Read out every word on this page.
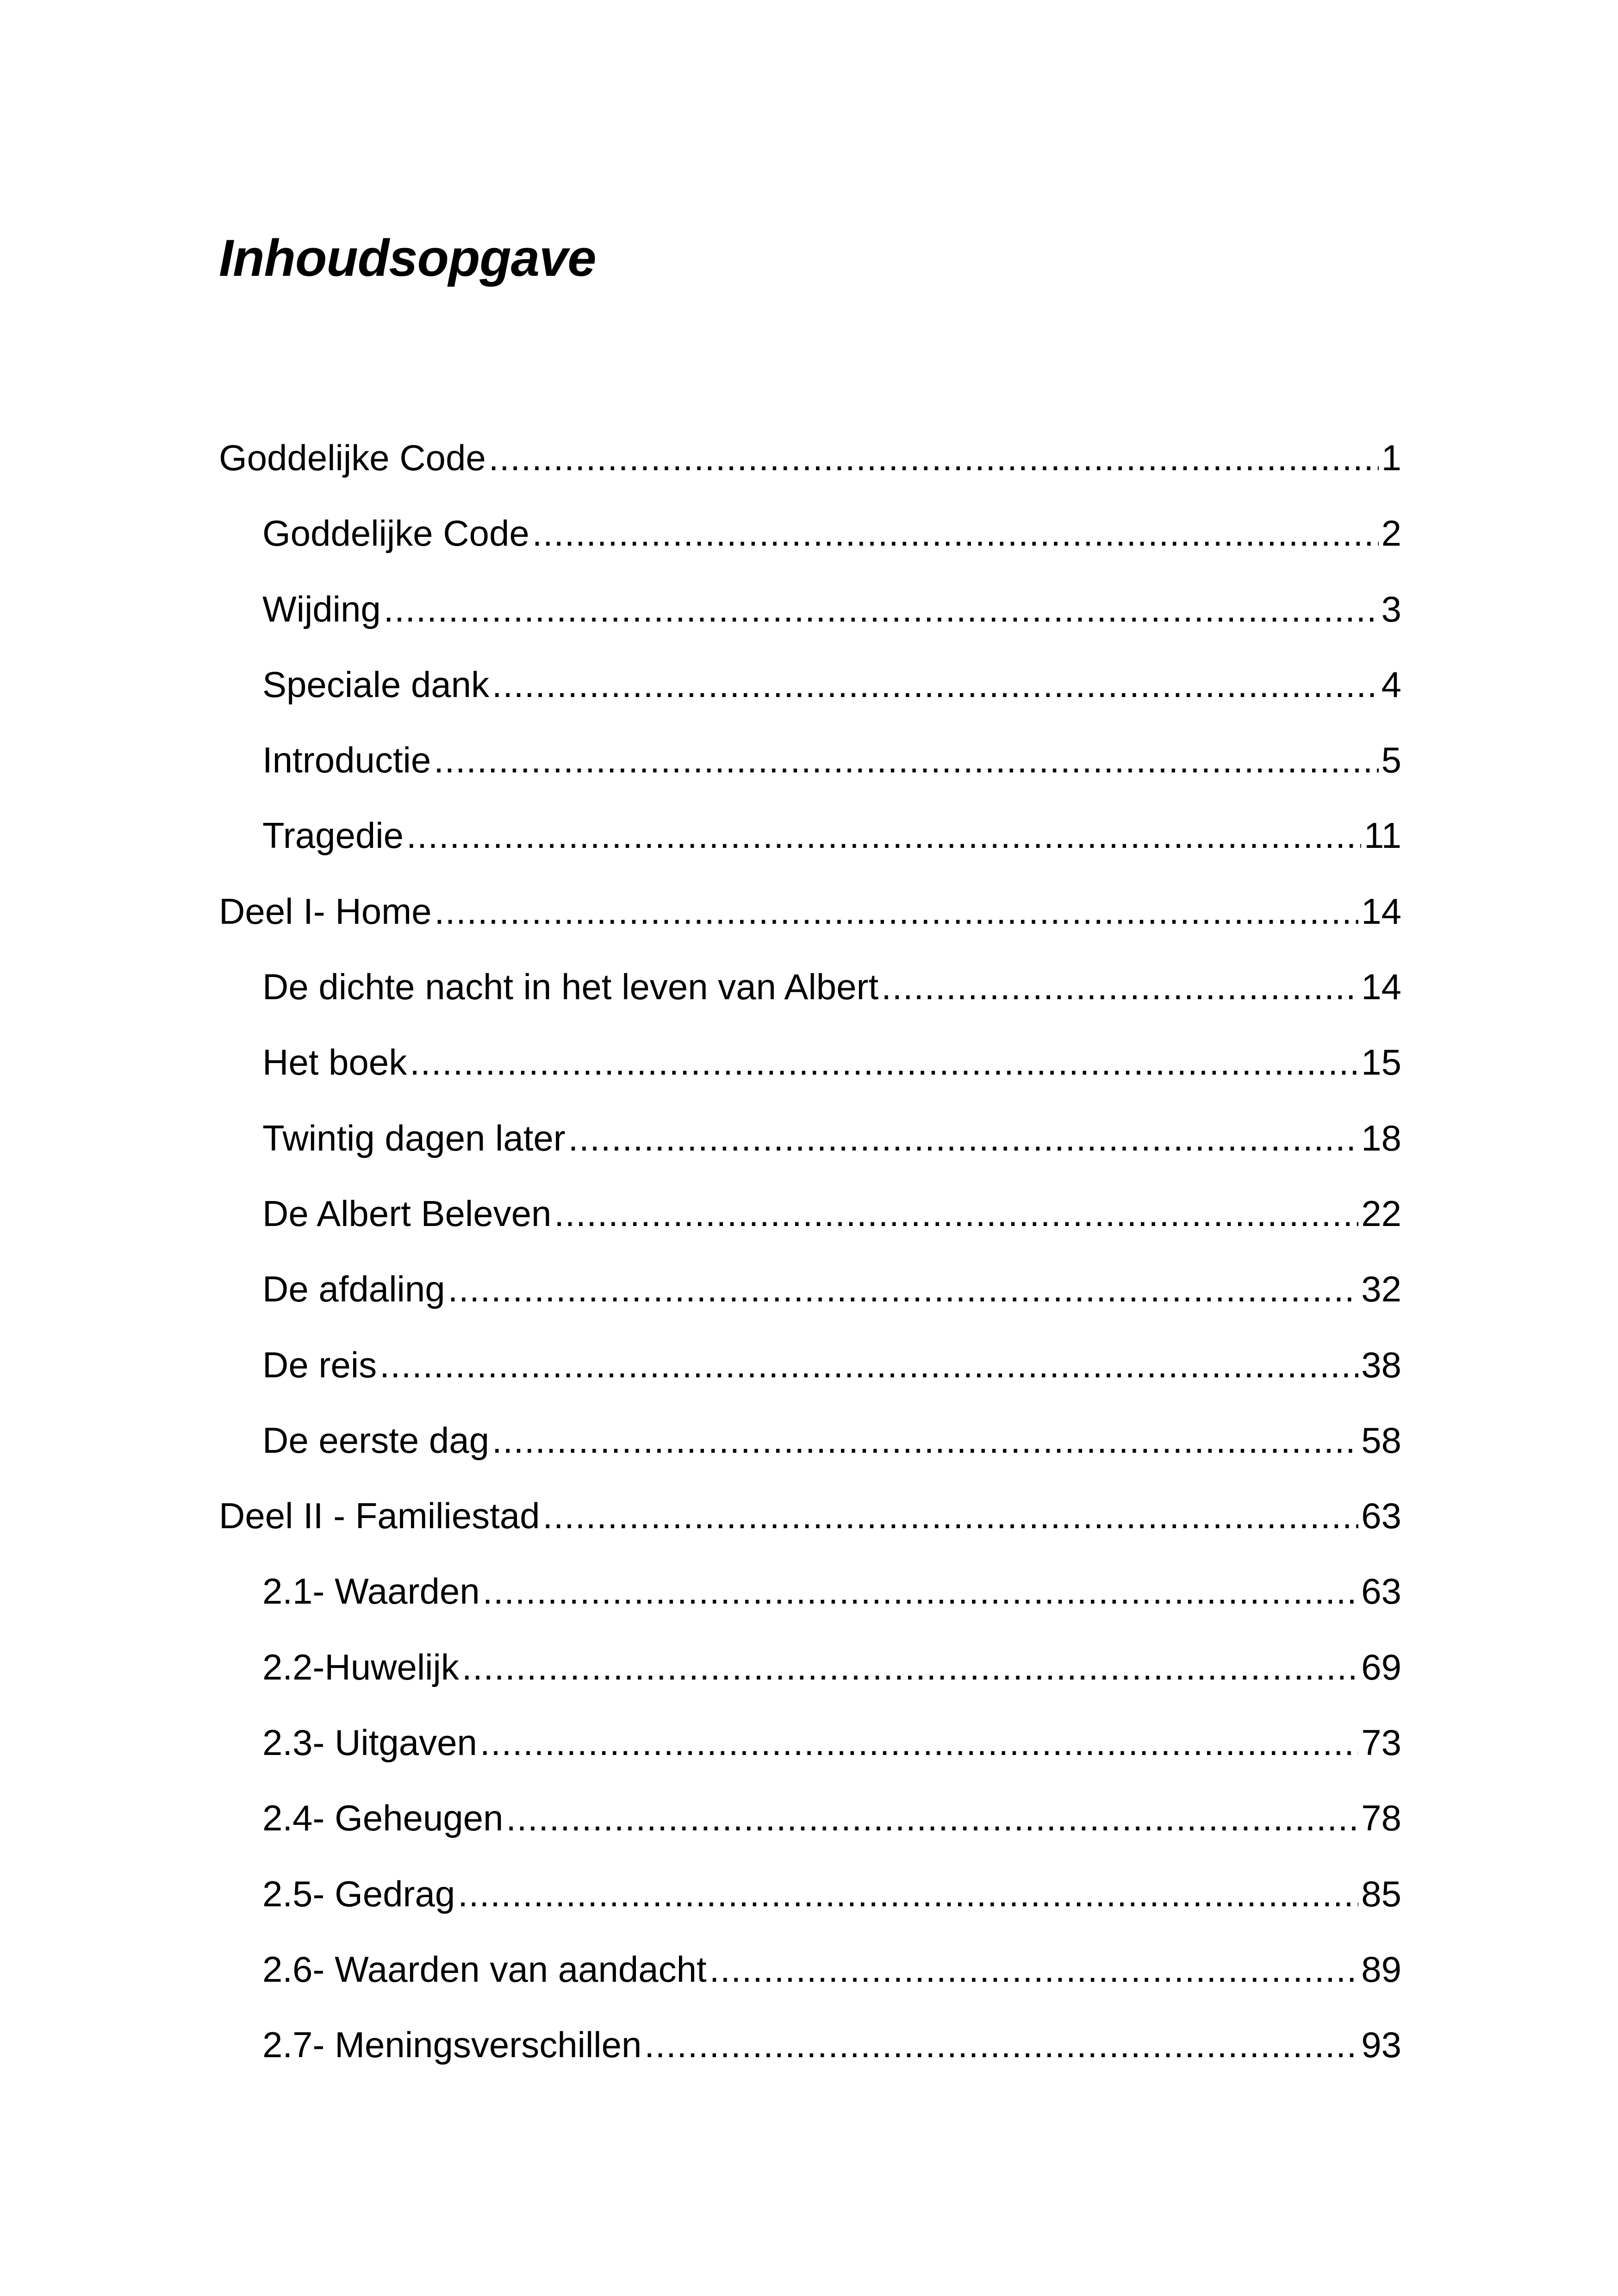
Inhoudsopgave
Goddelijke Code . . .	1
Goddelijke Code . . .	2
Wijding . . .	3
Speciale dank . . .	4
Introductie . . .	5
Tragedie . . .	11
Deel I- Home . . .	14
De dichte nacht in het leven van Albert . . .	14
Het boek . . .	15
Twintig dagen later . . .	18
De Albert Beleven . . .	22
De afdaling . . .	32
De reis . . .	38
De eerste dag . . .	58
Deel II - Familiestad . . .	63
2.1- Waarden . . .	63
2.2-Huwelijk . . .	69
2.3- Uitgaven . . .	73
2.4- Geheugen . . .	78
2.5- Gedrag . . .	85
2.6- Waarden van aandacht . . .	89
2.7- Meningsverschillen . . .	93
